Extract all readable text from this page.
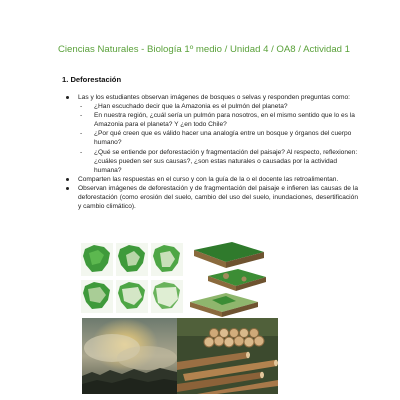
Ciencias Naturales - Biología 1º medio / Unidad 4 / OA8 / Actividad 1
1. Deforestación

Las y los estudiantes observan imágenes de bosques o selvas y responden preguntas como:

- ¿Han escuchado decir que la Amazonia es el pulmón del planeta?
- En nuestra región, ¿cuál sería un pulmón para nosotros, en el mismo sentido que lo es la Amazonia para el planeta? Y ¿en todo Chile?
- ¿Por qué creen que es válido hacer una analogía entre un bosque y órganos del cuerpo humano?
- ¿Qué se entiende por deforestación y fragmentación del paisaje? Al respecto, reflexionen: ¿cuáles pueden ser sus causas?, ¿son estas naturales o causadas por la actividad humana?

Comparten las respuestas en el curso y con la guía de la o el docente las retroalimentan.

Observan imágenes de deforestación y de fragmentación del paisaje e infieren las causas de la deforestación (como erosión del suelo, cambio del uso del suelo, inundaciones, desertificación y cambio climático).
